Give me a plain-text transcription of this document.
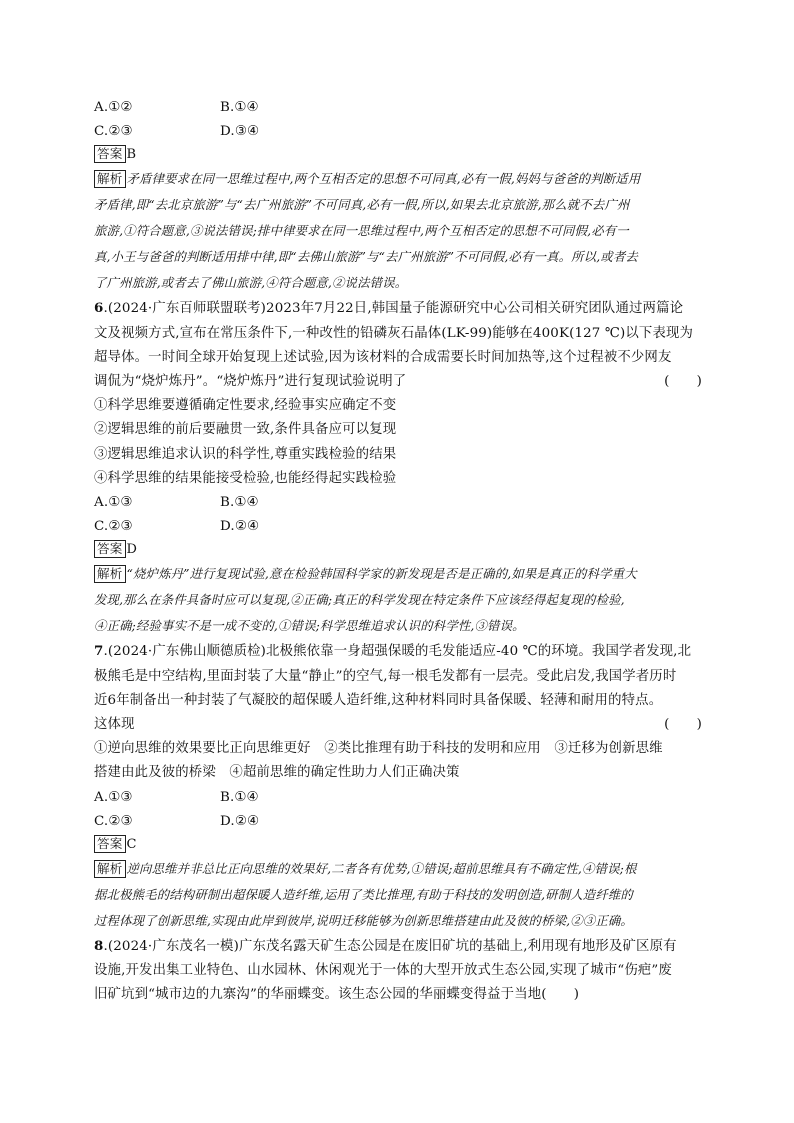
A.①②	B.①④
C.②③	D.③④
答案 B
解析 矛盾律要求在同一思维过程中,两个互相否定的思想不可同真,必有一假,妈妈与爸爸的判断适用
矛盾律,即“去北京旅游”与“去广州旅游”不可同真,必有一假,所以,如果去北京旅游,那么就不去广州
旅游,①符合题意,③说法错误;排中律要求在同一思维过程中,两个互相否定的思想不可同假,必有一
真,小王与爸爸的判断适用排中律,即“去佛山旅游”与“去广州旅游”不可同假,必有一真。所以,或者去
了广州旅游,或者去了佛山旅游,④符合题意,②说法错误。
6.(2024·广东百师联盟联考)2023年7月22日,韩国量子能源研究中心公司相关研究团队通过两篇论
文及视频方式,宣布在常压条件下,一种改性的铅磷灰石晶体(LK-99)能够在400K(127 ℃)以下表现为
超导体。一时间全球开始复现上述试验,因为该材料的合成需要长时间加热等,这个过程被不少网友
调侃为“烧炉炼丹”。“烧炉炼丹”进行复现试验说明了	(　　)
①科学思维要遵循确定性要求,经验事实应确定不变
②逻辑思维的前后要融贯一致,条件具备应可以复现
③逻辑思维追求认识的科学性,尊重实践检验的结果
④科学思维的结果能接受检验,也能经得起实践检验
A.①③	B.①④
C.②③	D.②④
答案 D
解析 “烧炉炼丹”进行复现试验,意在检验韩国科学家的新发现是否是正确的,如果是真正的科学重大
发现,那么在条件具备时应可以复现,②正确;真正的科学发现在特定条件下应该经得起复现的检验,
④正确;经验事实不是一成不变的,①错误;科学思维追求认识的科学性,③错误。
7.(2024·广东佛山顺德质检)北极熊依靠一身超强保暖的毛发能适应-40 ℃的环境。我国学者发现,北
极熊毛是中空结构,里面封装了大量“静止”的空气,每一根毛发都有一层壳。受此启发,我国学者历时
近6年制备出一种封装了气凝胶的超保暖人造纤维,这种材料同时具备保暖、轻薄和耐用的特点。
这体现	(　　)
①逆向思维的效果要比正向思维更好　②类比推理有助于科技的发明和应用　③迁移为创新思维
搭建由此及彼的桥梁　④超前思维的确定性助力人们正确决策
A.①③	B.①④
C.②③	D.②④
答案 C
解析 逆向思维并非总比正向思维的效果好,二者各有优势,①错误;超前思维具有不确定性,④错误;根
据北极熊毛的结构研制出超保暖人造纤维,运用了类比推理,有助于科技的发明创造,研制人造纤维的
过程体现了创新思维,实现由此岸到彼岸,说明迁移能够为创新思维搭建由此及彼的桥梁,②③正确。
8.(2024·广东茂名一模)广东茂名露天矿生态公园是在废旧矿坑的基础上,利用现有地形及矿区原有
设施,开发出集工业特色、山水园林、休闲观光于一体的大型开放式生态公园,实现了城市“伤疤”废
旧矿坑到“城市边的九寨沟”的华丽蝶变。该生态公园的华丽蝶变得益于当地(　　)
